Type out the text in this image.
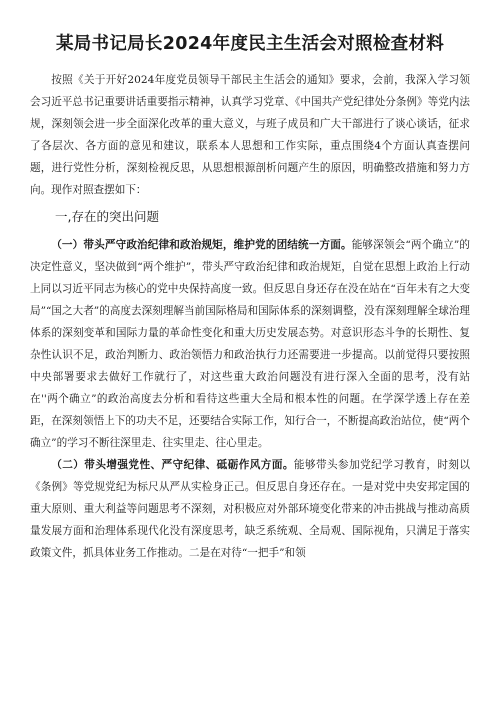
某局书记局长2024年度民主生活会对照检查材料

按照《关于开好2024年度党员领导干部民主生活会的通知》要求，会前，我深入学习领会习近平总书记重要讲话重要指示精神，认真学习党章、《中国共产党纪律处分条例》等党内法规，深刻领会进一步全面深化改革的重大意义，与班子成员和广大干部进行了谈心谈话，征求了各层次、各方面的意见和建议，联系本人思想和工作实际，重点围绕4个方面认真查摆问题，进行党性分析，深刻检视反思，从思想根源剖析问题产生的原因，明确整改措施和努力方向。现作对照查摆如下：

一,存在的突出问题

（一）带头严守政治纪律和政治规矩，维护党的团结统一方面。能够深领会“两个确立”的决定性意义，坚决做到“两个维护”，带头严守政治纪律和政治规矩，自觉在思想上政治上行动上同以习近平同志为核心的党中央保持高度一致。但反思自身还存在没在站在“百年未有之大变局”“国之大者”的高度去深刻理解当前国际格局和国际体系的深刻调整，没有深刻理解全球治理体系的深刻变革和国际力量的革命性变化和重大历史发展态势。对意识形态斗争的长期性、复杂性认识不足，政治判断力、政治领悟力和政治执行力还需要进一步提高。以前觉得只要按照中央部署要求去做好工作就行了，对这些重大政治问题没有进行深入全面的思考，没有站在''两个确立”的政治高度去分析和看待这些重大全局和根本性的问题。在学深学透上存在差距，在深刻领悟上下的功夫不足，还要结合实际工作，知行合一，不断提高政治站位，使“两个确立”的学习不断往深里走、往实里走、往心里走。

（二）带头增强党性、严守纪律、砥砺作风方面。能够带头参加党纪学习教育，时刻以《条例》等党规党纪为标尺从严从实检身正己。但反思自身还存在。一是对党中央安邦定国的重大原则、重大利益等问题思考不深刻，对积极应对外部环境变化带来的冲击挑战与推动高质量发展方面和治理体系现代化没有深度思考，缺乏系统观、全局观、国际视角，只满足于落实政策文件，抓具体业务工作推动。二是在对待“一把手”和领
